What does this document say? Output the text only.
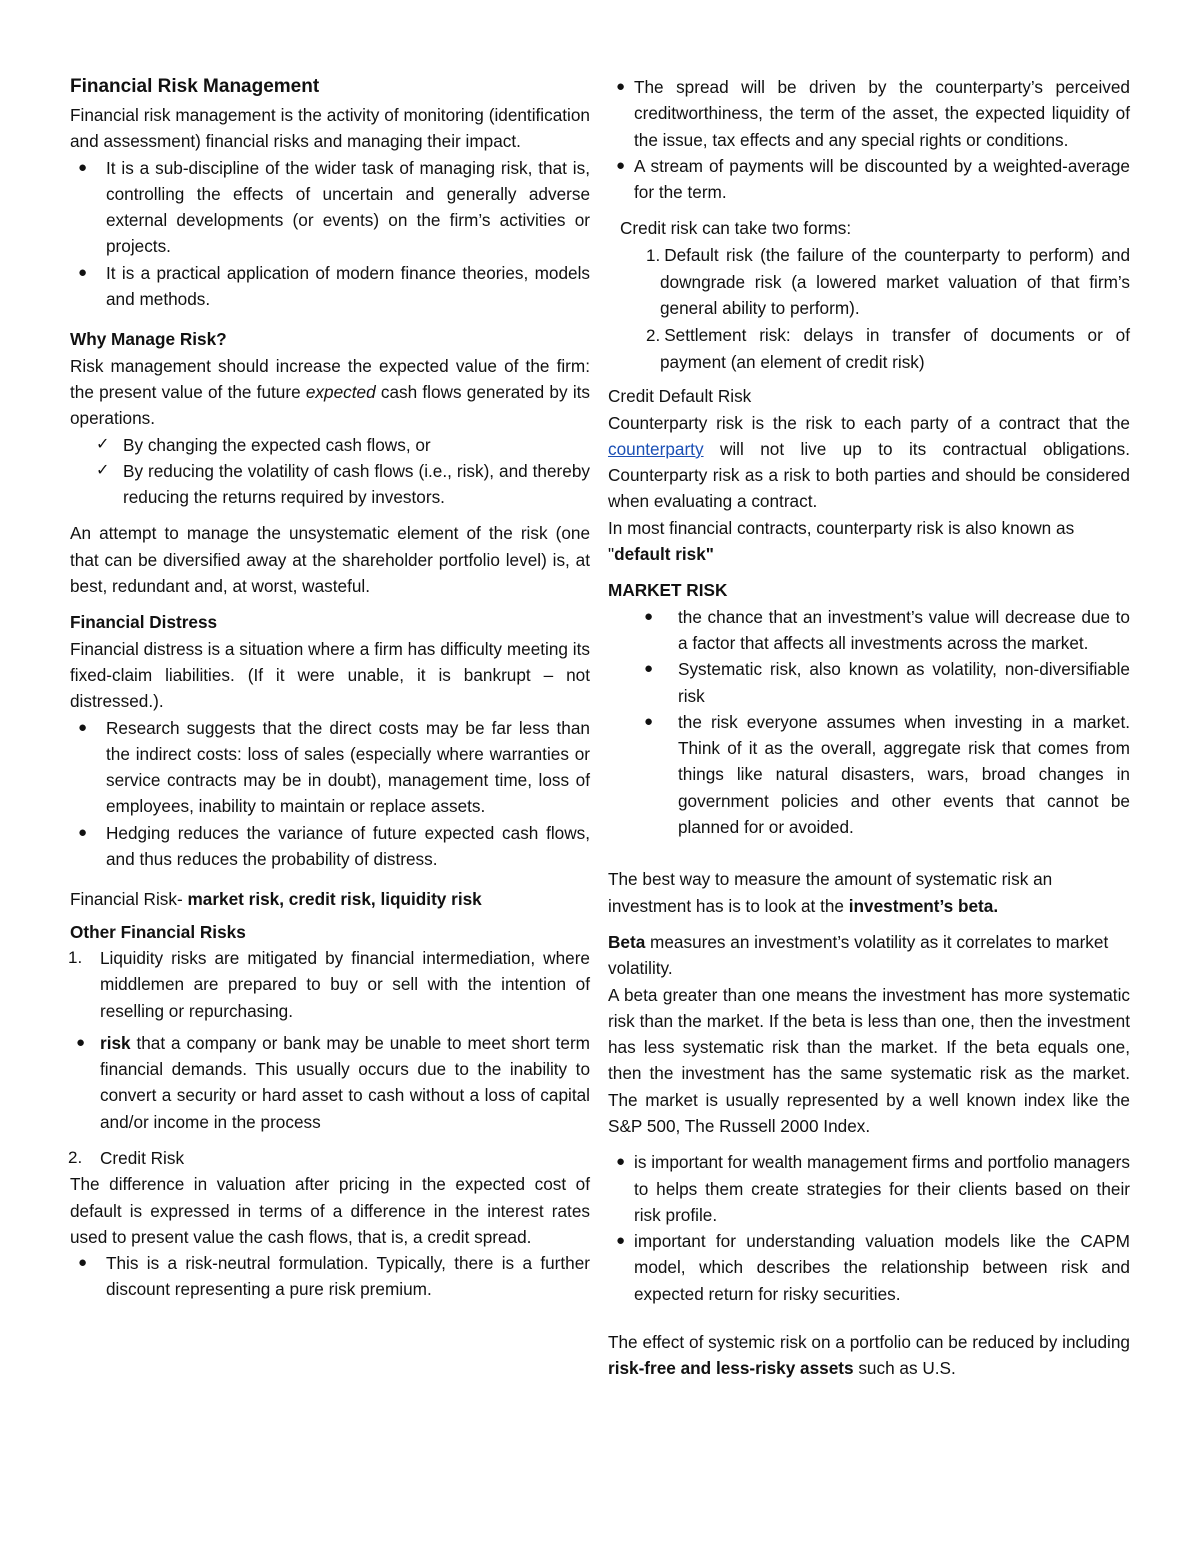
Financial Risk Management

Financial risk management is the activity of monitoring (identification and assessment) financial risks and managing their impact.

● It is a sub-discipline of the wider task of managing risk, that is, controlling the effects of uncertain and generally adverse external developments (or events) on the firm’s activities or projects.
● It is a practical application of modern finance theories, models and methods.

Why Manage Risk?

Risk management should increase the expected value of the firm: the present value of the future expected cash flows generated by its operations.

✓ By changing the expected cash flows, or
✓ By reducing the volatility of cash flows (i.e., risk), and thereby reducing the returns required by investors.

An attempt to manage the unsystematic element of the risk (one that can be diversified away at the shareholder portfolio level) is, at best, redundant and, at worst, wasteful.

Financial Distress

Financial distress is a situation where a firm has difficulty meeting its fixed-claim liabilities. (If it were unable, it is bankrupt – not distressed.).

● Research suggests that the direct costs may be far less than the indirect costs: loss of sales (especially where warranties or service contracts may be in doubt), management time, loss of employees, inability to maintain or replace assets.
● Hedging reduces the variance of future expected cash flows, and thus reduces the probability of distress.

Financial Risk- market risk, credit risk, liquidity risk

Other Financial Risks

1. Liquidity risks are mitigated by financial intermediation, where middlemen are prepared to buy or sell with the intention of reselling or repurchasing.
● risk that a company or bank may be unable to meet short term financial demands. This usually occurs due to the inability to convert a security or hard asset to cash without a loss of capital and/or income in the process
2. Credit Risk

The difference in valuation after pricing in the expected cost of default is expressed in terms of a difference in the interest rates used to present value the cash flows, that is, a credit spread.

● This is a risk-neutral formulation. Typically, there is a further discount representing a pure risk premium.
● The spread will be driven by the counterparty’s perceived creditworthiness, the term of the asset, the expected liquidity of the issue, tax effects and any special rights or conditions.
● A stream of payments will be discounted by a weighted-average for the term.

Credit risk can take two forms:

1. Default risk (the failure of the counterparty to perform) and downgrade risk (a lowered market valuation of that firm’s general ability to perform).
2. Settlement risk: delays in transfer of documents or of payment (an element of credit risk)

Credit Default Risk

Counterparty risk is the risk to each party of a contract that the counterparty will not live up to its contractual obligations. Counterparty risk as a risk to both parties and should be considered when evaluating a contract.

In most financial contracts, counterparty risk is also known as "default risk"

MARKET RISK

● the chance that an investment’s value will decrease due to a factor that affects all investments across the market.
● Systematic risk, also known as volatility, non-diversifiable risk
● the risk everyone assumes when investing in a market. Think of it as the overall, aggregate risk that comes from things like natural disasters, wars, broad changes in government policies and other events that cannot be planned for or avoided.

The best way to measure the amount of systematic risk an investment has is to look at the investment’s beta.

Beta measures an investment’s volatility as it correlates to market volatility.

A beta greater than one means the investment has more systematic risk than the market. If the beta is less than one, then the investment has less systematic risk than the market. If the beta equals one, then the investment has the same systematic risk as the market. The market is usually represented by a well known index like the S&P 500, The Russell 2000 Index.

● is important for wealth management firms and portfolio managers to helps them create strategies for their clients based on their risk profile.
● important for understanding valuation models like the CAPM model, which describes the relationship between risk and expected return for risky securities.

The effect of systemic risk on a portfolio can be reduced by including risk-free and less-risky assets such as U.S.
